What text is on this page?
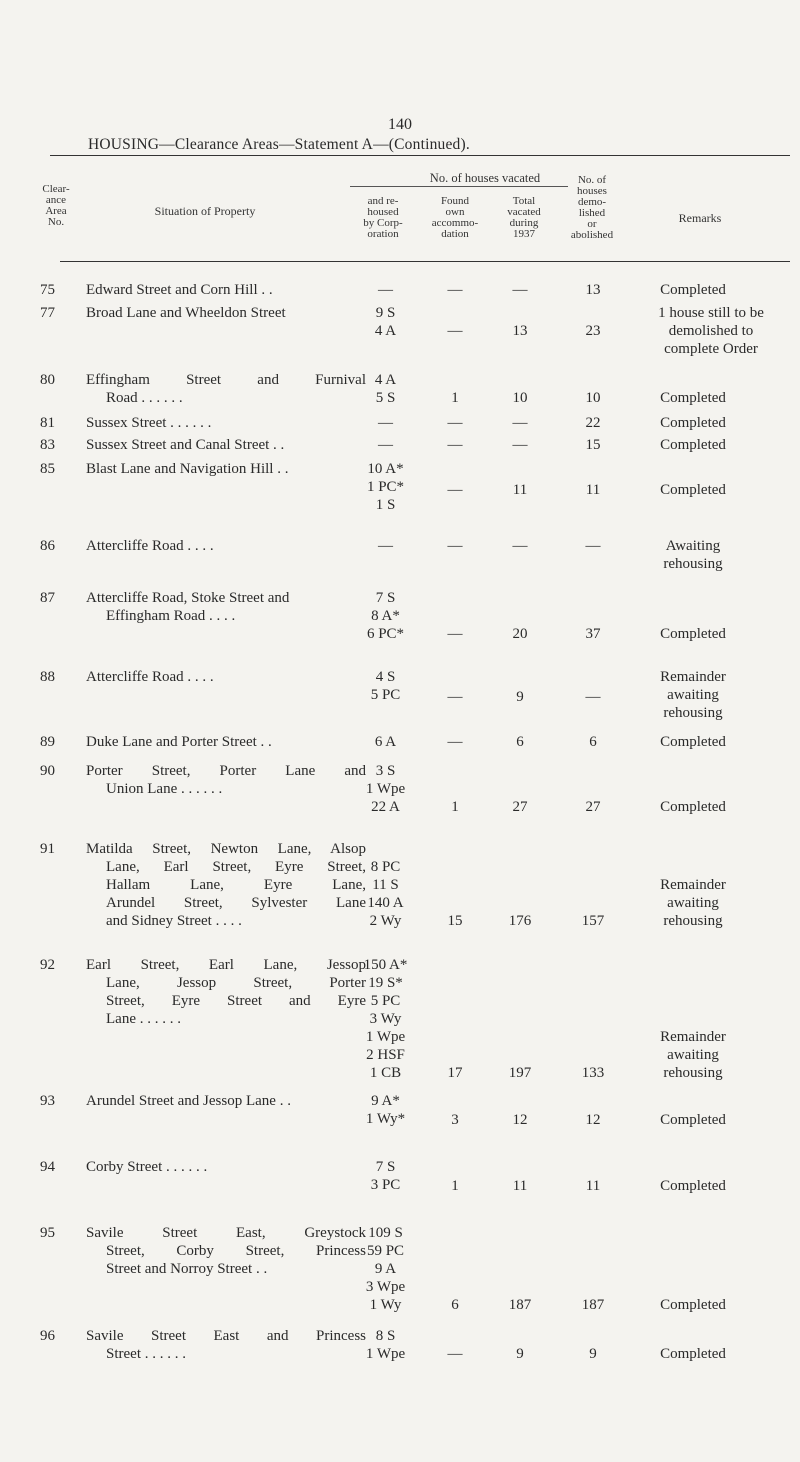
140
HOUSING—Clearance Areas—Statement A—(Continued).
Clear-
ance
Area
No.
Situation of Property
No. of houses vacated
and re-
housed
by Corp-
oration
Found
own
accommo-
dation
Total
vacated
during
1937
No. of
houses
demo-
lished
or
abolished
Remarks
75	Edward Street and Corn Hill . .	—	—	—	13	Completed
77	Broad Lane and Wheeldon Street	9 S
4 A	—	13	23
1 house still to be
demolished to
complete Order
80	Effingham Street and Furnival
Road . . . . . .
4 A
5 S	1	10	10	Completed
81	Sussex Street . . . . . .	—	—	—	22	Completed
83	Sussex Street and Canal Street . .	—	—	—	15	Completed
85	Blast Lane and Navigation Hill . .	10 A*
1 PC*
1 S
—	11	11	Completed
86	Attercliffe Road . . . .	—	—	—	—	Awaiting
rehousing
87	Attercliffe Road, Stoke Street and
Effingham Road . . . .
7 S
8 A*
6 PC*	—	20	37	Completed
88	Attercliffe Road . . . .	4 S
5 PC	—	9	—
Remainder
awaiting
rehousing
89	Duke Lane and Porter Street . .	6 A	—	6	6	Completed
90	Porter Street, Porter Lane and
Union Lane . . . . . .
3 S
1 Wpe
22 A	1	27	27	Completed
91	Matilda Street, Newton Lane, Alsop
Lane, Earl Street, Eyre Street,
Hallam Lane, Eyre Lane,
Arundel Street, Sylvester Lane
and Sidney Street . . . .
8 PC
11 S
140 A
2 Wy	15	176	157
Remainder
awaiting
rehousing
92	Earl Street, Earl Lane, Jessop
Lane, Jessop Street, Porter
Street, Eyre Street and Eyre
Lane . . . . . .
150 A*
19 S*
5 PC
3 Wy
1 Wpe
2 HSF
1 CB	17	197	133
Remainder
awaiting
rehousing
93	Arundel Street and Jessop Lane . .	9 A*
1 Wy*	3	12	12	Completed
94	Corby Street . . . . . .	7 S
3 PC	1	11	11	Completed
95	Savile Street East, Greystock
Street, Corby Street, Princess
Street and Norroy Street . .
109 S
59 PC
9 A
3 Wpe
1 Wy	6	187	187	Completed
96	Savile Street East and Princess
Street . . . . . .
8 S
1 Wpe	—	9	9	Completed
